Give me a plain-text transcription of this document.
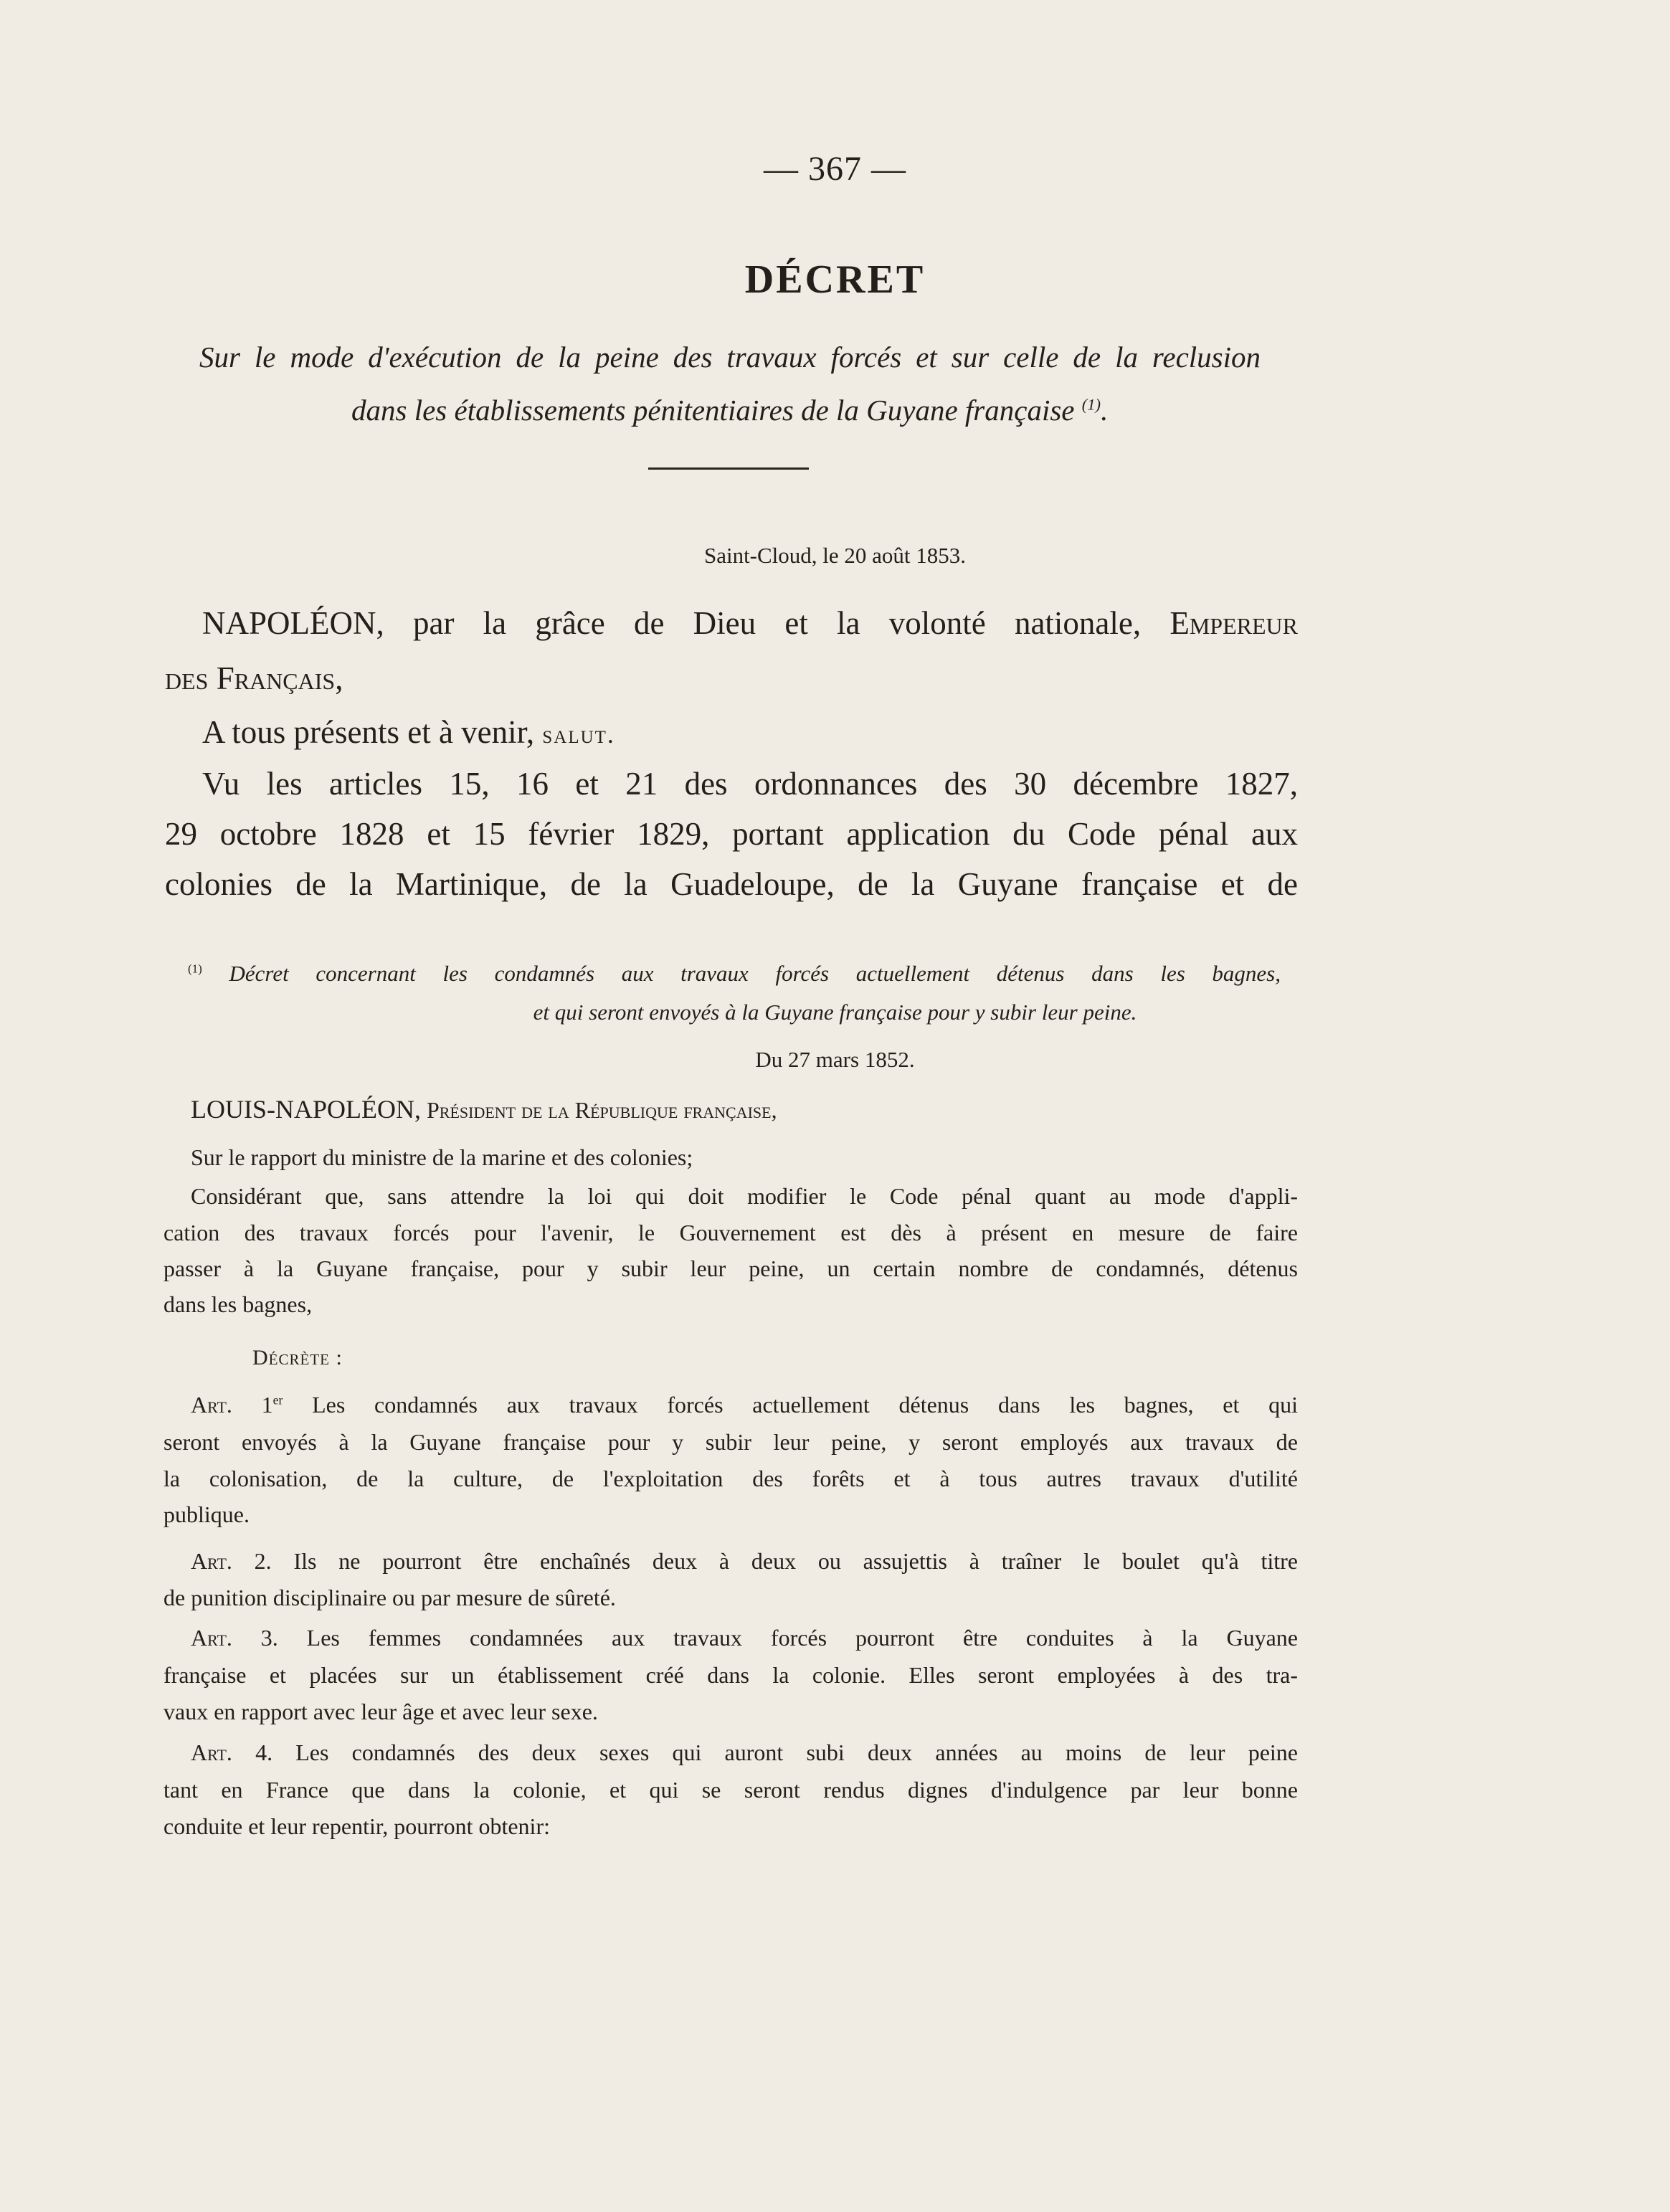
— 367 —
DÉCRET
Sur le mode d'exécution de la peine des travaux forcés et sur celle de la reclusion
dans les établissements pénitentiaires de la Guyane française $^{(1)}$.
Saint-Cloud, le 20 août 1853.
NAPOLÉON, par la grâce de Dieu et la volonté nationale, Empereur
des Français,
A tous présents et à venir, salut.
Vu les articles 15, 16 et 21 des ordonnances des 30 décembre 1827,
29 octobre 1828 et 15 février 1829, portant application du Code pénal aux
colonies de la Martinique, de la Guadeloupe, de la Guyane française et de
$^{(1)}$ Décret concernant les condamnés aux travaux forcés actuellement détenus dans les bagnes,
et qui seront envoyés à la Guyane française pour y subir leur peine.
Du 27 mars 1852.
LOUIS-NAPOLÉON, Président de la République française,
Sur le rapport du ministre de la marine et des colonies;
Considérant que, sans attendre la loi qui doit modifier le Code pénal quant au mode d'appli-
cation des travaux forcés pour l'avenir, le Gouvernement est dès à présent en mesure de faire
passer à la Guyane française, pour y subir leur peine, un certain nombre de condamnés, détenus
dans les bagnes,
Décrète :
Art. 1er Les condamnés aux travaux forcés actuellement détenus dans les bagnes, et qui
seront envoyés à la Guyane française pour y subir leur peine, y seront employés aux travaux de
la colonisation, de la culture, de l'exploitation des forêts et à tous autres travaux d'utilité
publique.
Art. 2. Ils ne pourront être enchaînés deux à deux ou assujettis à traîner le boulet qu'à titre
de punition disciplinaire ou par mesure de sûreté.
Art. 3. Les femmes condamnées aux travaux forcés pourront être conduites à la Guyane
française et placées sur un établissement créé dans la colonie. Elles seront employées à des tra-
vaux en rapport avec leur âge et avec leur sexe.
Art. 4. Les condamnés des deux sexes qui auront subi deux années au moins de leur peine
tant en France que dans la colonie, et qui se seront rendus dignes d'indulgence par leur bonne
conduite et leur repentir, pourront obtenir:
